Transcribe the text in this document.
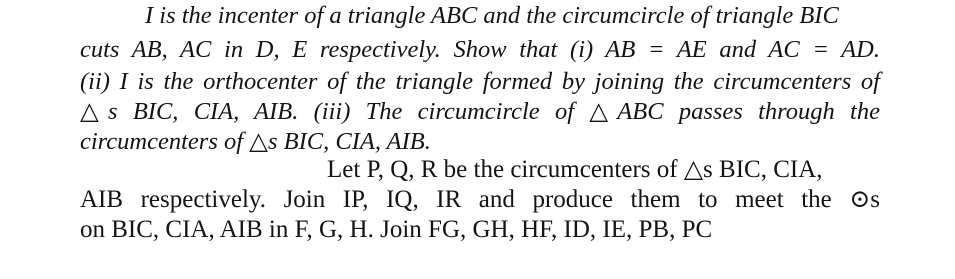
I is the incenter of a triangle ABC and the circumcircle of triangle BIC
cuts AB, AC in D, E respectively. Show that (i) AB = AE and AC = AD.
(ii) I is the orthocenter of the triangle formed by joining the circumcenters of
△s BIC, CIA, AIB. (iii) The circumcircle of △ABC passes through the
circumcenters of △s BIC, CIA, AIB.
Let P, Q, R be the circumcenters of △s BIC, CIA,
AIB respectively. Join IP, IQ, IR and produce them to meet the ⊙s
on BIC, CIA, AIB in F, G, H. Join FG, GH, HF, ID, IE, PB, PC
